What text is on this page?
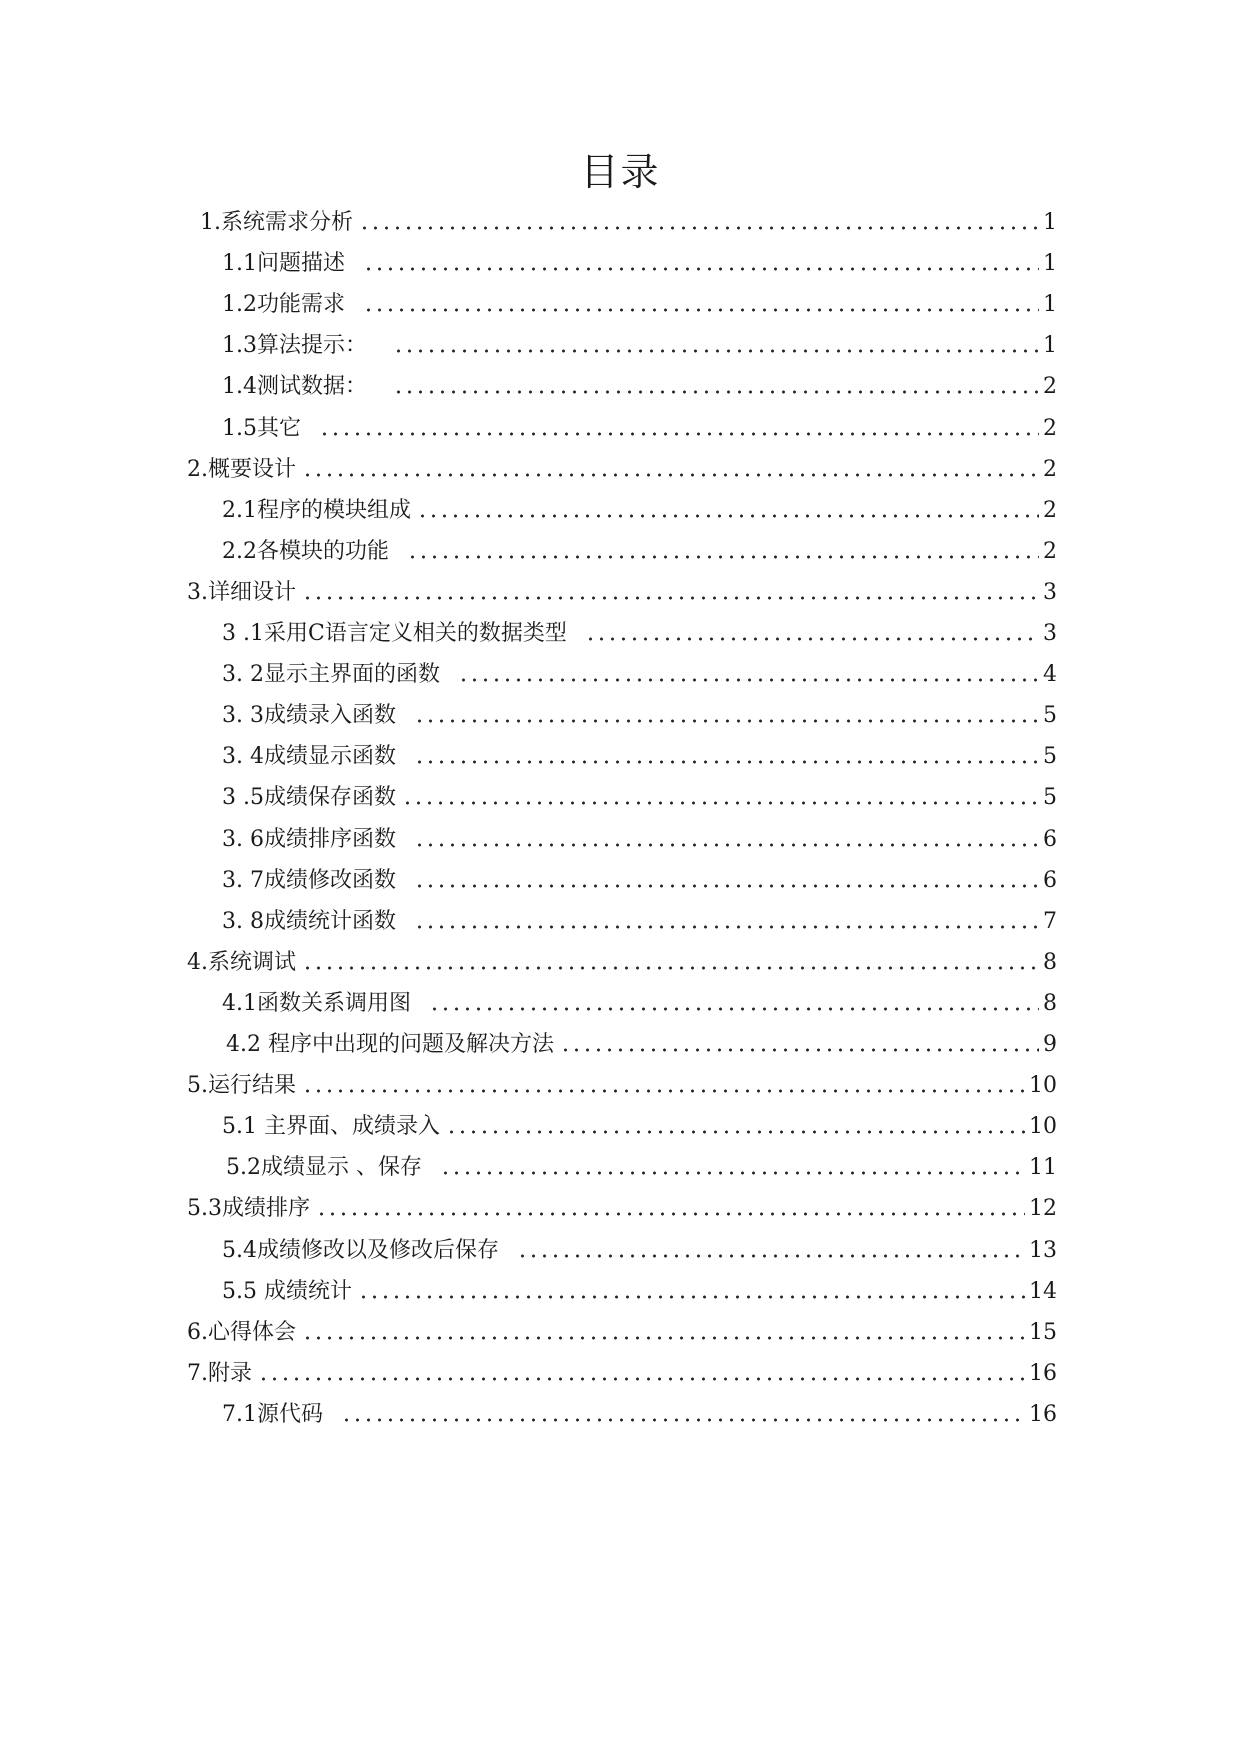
目录
1.系统需求分析	1
1.1问题描述	1
1.2功能需求	1
1.3算法提示：	1
1.4测试数据：	2
1.5其它	2
2.概要设计	2
2.1程序的模块组成	2
2.2各模块的功能	2
3.详细设计	3
3 .1采用C语言定义相关的数据类型	3
3. 2显示主界面的函数	4
3. 3成绩录入函数	5
3. 4成绩显示函数	5
3 .5成绩保存函数	5
3. 6成绩排序函数	6
3. 7成绩修改函数	6
3. 8成绩统计函数	7
4.系统调试	8
4.1函数关系调用图	8
4.2 程序中出现的问题及解决方法	9
5.运行结果	10
5.1 主界面、成绩录入	10
5.2成绩显示 、保存	11
5.3成绩排序	12
5.4成绩修改以及修改后保存	13
5.5 成绩统计	14
6.心得体会	15
7.附录	16
7.1源代码	16
